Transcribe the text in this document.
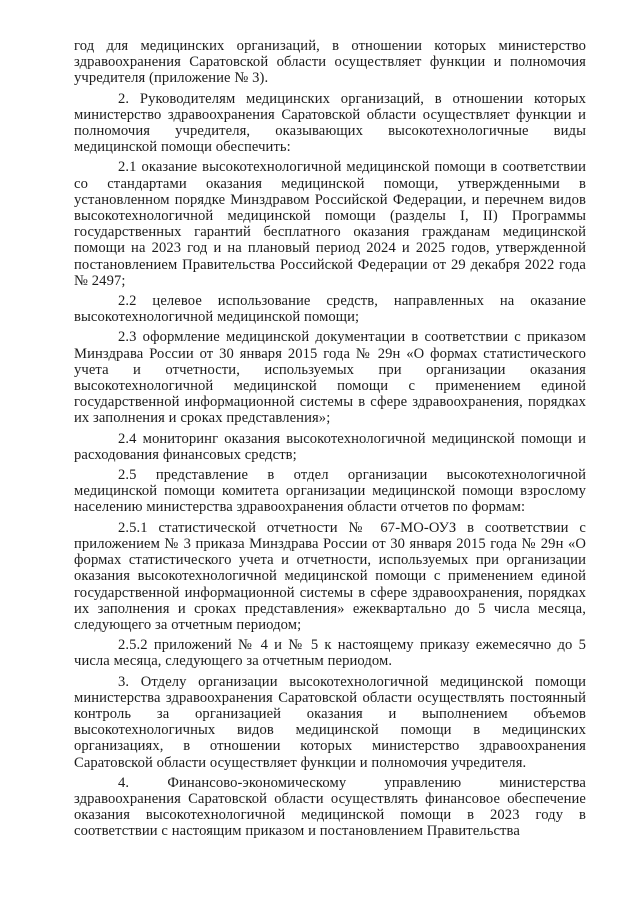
год для медицинских организаций, в отношении которых министерство здравоохранения Саратовской области осуществляет функции и полномочия учредителя (приложение № 3).

2. Руководителям медицинских организаций, в отношении которых министерство здравоохранения Саратовской области осуществляет функции и полномочия учредителя, оказывающих высокотехнологичные виды медицинской помощи обеспечить:

2.1 оказание высокотехнологичной медицинской помощи в соответствии со стандартами оказания медицинской помощи, утвержденными в установленном порядке Минздравом Российской Федерации, и перечнем видов высокотехнологичной медицинской помощи (разделы I, II) Программы государственных гарантий бесплатного оказания гражданам медицинской помощи на 2023 год и на плановый период 2024 и 2025 годов, утвержденной постановлением Правительства Российской Федерации от 29 декабря 2022 года № 2497;

2.2 целевое использование средств, направленных на оказание высокотехнологичной медицинской помощи;

2.3 оформление медицинской документации в соответствии с приказом Минздрава России от 30 января 2015 года № 29н «О формах статистического учета и отчетности, используемых при организации оказания высокотехнологичной медицинской помощи с применением единой государственной информационной системы в сфере здравоохранения, порядках их заполнения и сроках представления»;

2.4 мониторинг оказания высокотехнологичной медицинской помощи и расходования финансовых средств;

2.5 представление в отдел организации высокотехнологичной медицинской помощи комитета организации медицинской помощи взрослому населению министерства здравоохранения области отчетов по формам:

2.5.1 статистической отчетности № 67-МО-ОУЗ в соответствии с приложением № 3 приказа Минздрава России от 30 января 2015 года № 29н «О формах статистического учета и отчетности, используемых при организации оказания высокотехнологичной медицинской помощи с применением единой государственной информационной системы в сфере здравоохранения, порядках их заполнения и сроках представления» ежеквартально до 5 числа месяца, следующего за отчетным периодом;

2.5.2 приложений № 4 и № 5 к настоящему приказу ежемесячно до 5 числа месяца, следующего за отчетным периодом.

3. Отделу организации высокотехнологичной медицинской помощи министерства здравоохранения Саратовской области осуществлять постоянный контроль за организацией оказания и выполнением объемов высокотехнологичных видов медицинской помощи в медицинских организациях, в отношении которых министерство здравоохранения Саратовской области осуществляет функции и полномочия учредителя.

4. Финансово-экономическому управлению министерства здравоохранения Саратовской области осуществлять финансовое обеспечение оказания высокотехнологичной медицинской помощи в 2023 году в соответствии с настоящим приказом и постановлением Правительства
